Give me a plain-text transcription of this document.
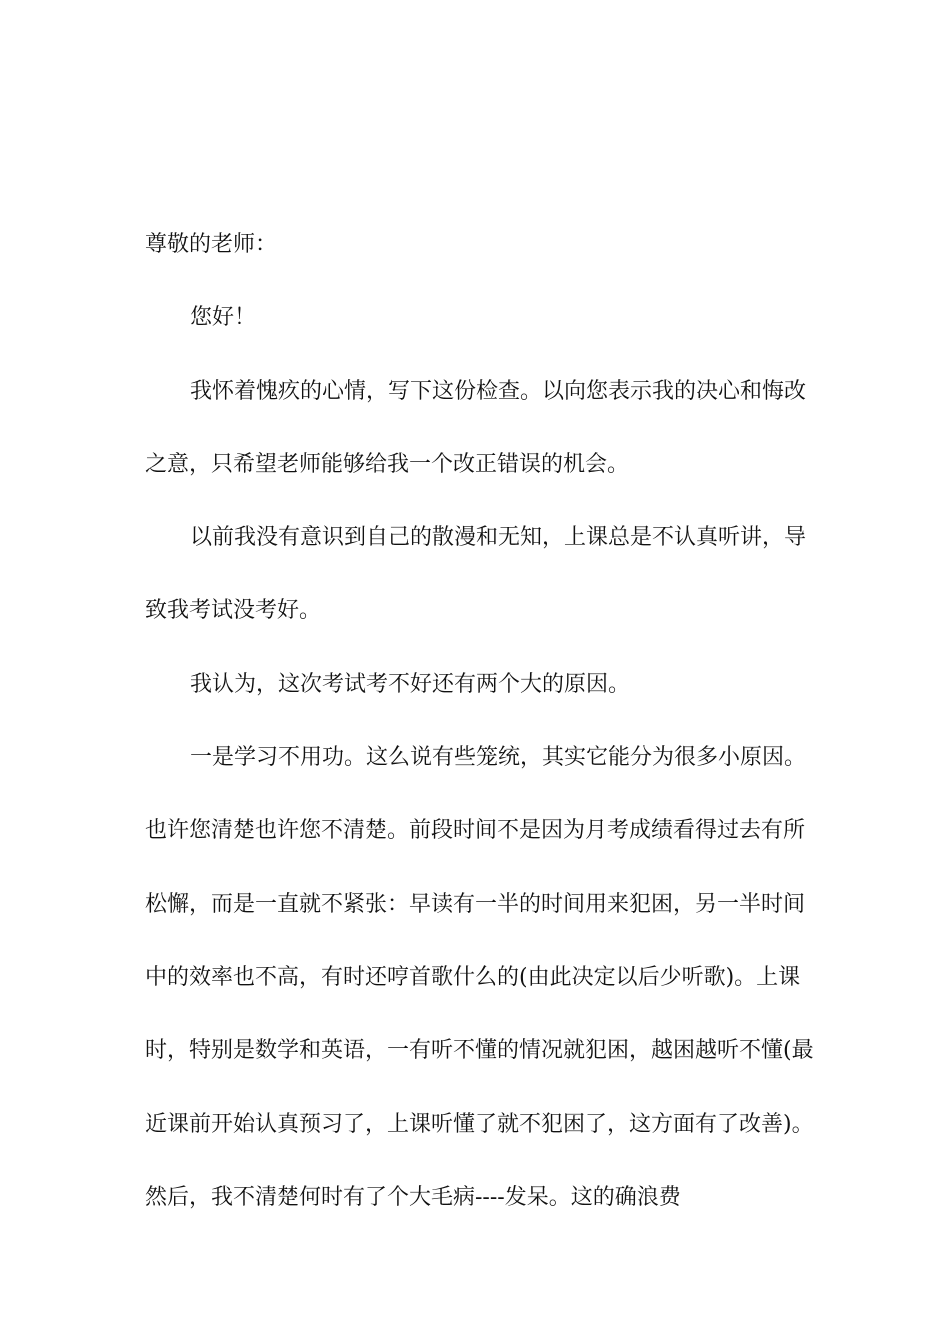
尊敬的老师：

您好！

我怀着愧疚的心情，写下这份检查。以向您表示我的决心和悔改之意，只希望老师能够给我一个改正错误的机会。

以前我没有意识到自己的散漫和无知，上课总是不认真听讲，导致我考试没考好。

我认为，这次考试考不好还有两个大的原因。

一是学习不用功。这么说有些笼统，其实它能分为很多小原因。也许您清楚也许您不清楚。前段时间不是因为月考成绩看得过去有所松懈，而是一直就不紧张：早读有一半的时间用来犯困，另一半时间中的效率也不高，有时还哼首歌什么的(由此决定以后少听歌)。上课时，特别是数学和英语，一有听不懂的情况就犯困，越困越听不懂(最近课前开始认真预习了，上课听懂了就不犯困了，这方面有了改善)。然后，我不清楚何时有了个大毛病----发呆。这的确浪费
